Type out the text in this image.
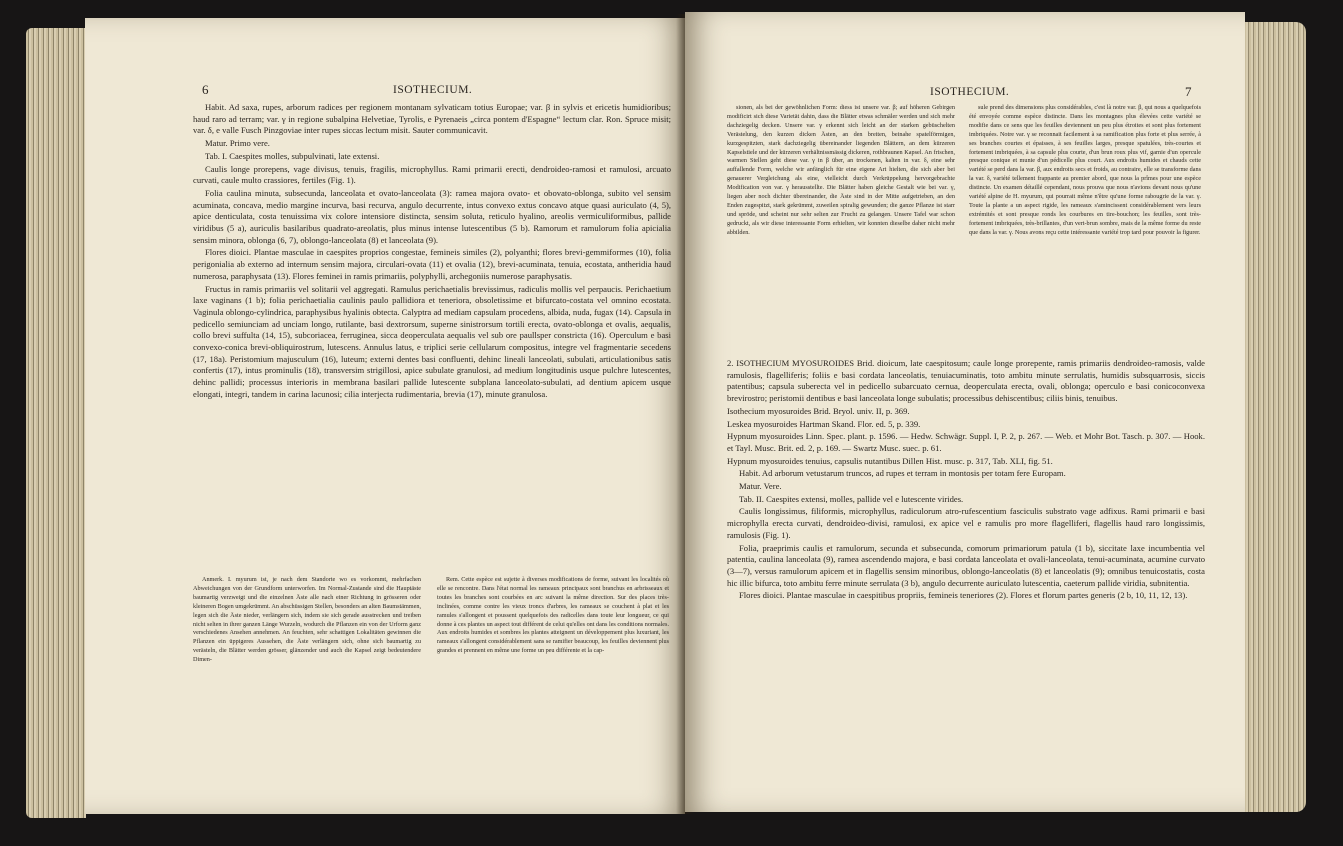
6	ISOTHECIUM.

Habit. Ad saxa, rupes, arborum radices per regionem montanam sylvaticam totius Europae; var. β in sylvis et ericetis humidioribus; haud raro ad terram; var. γ in regione subalpina Helvetiae, Tyrolis, e Pyrenaeis „circa pontem d'Espagne“ lectum clar. Ron. Spruce misit; var. δ, e valle Fusch Pinzgoviae inter rupes siccas lectum misit. Sauter communicavit.

Matur. Primo vere.

Tab. I. Caespites molles, subpulvinati, late extensi.

Caulis longe prorepens, vage divisus, tenuis, fragilis, microphyllus. Rami primarii erecti, dendroideo-ramosi et ramulosi, arcuato curvati, caule multo crassiores, fertiles (Fig. 1).

Folia caulina minuta, subsecunda, lanceolata et ovato-lanceolata (3): ramea majora ovato- et obovato-oblonga, subito vel sensim acuminata, concava, medio margine incurva, basi recurva, angulo decurrente, intus convexo extus concavo atque quasi auriculato (4, 5), apice denticulata, costa tenuissima vix colore intensiore distincta, sensim soluta, reticulo hyalino, areolis vermiculiformibus, pallide viridibus (5 a), auriculis basilaribus quadrato-areolatis, plus minus intense lutescentibus (5 b). Ramorum et ramulorum folia apicialia sensim minora, oblonga (6, 7), oblongo-lanceolata (8) et lanceolata (9).

Flores dioici. Plantae masculae in caespites proprios congestae, femineis similes (2), polyanthi; flores brevi-gemmiformes (10), folia perigonialia ab externo ad internum sensim majora, circulari-ovata (11) et ovalia (12), brevi-acuminata, tenuia, ecostata, antheridia haud numerosa, paraphysata (13). Flores feminei in ramis primariis, polyphylli, archegoniis numerose paraphysatis.

Fructus in ramis primariis vel solitarii vel aggregati. Ramulus perichaetialis brevissimus, radiculis mollis vel perpaucis. Perichaetium laxe vaginans (1 b); folia perichaetialia caulinis paulo pallidiora et teneriora, obsoletissime et bifurcato-costata vel omnino ecostata. Vaginula oblongo-cylindrica, paraphysibus hyalinis obtecta. Calyptra ad mediam capsulam procedens, albida, nuda, fugax (14). Capsula in pedicello semiunciam ad unciam longo, rutilante, basi dextrorsum, superne sinistrorsum tortili erecta, ovato-oblonga et ovalis, aequalis, collo brevi suffulta (14, 15), subcoriacea, ferruginea, sicca deoperculata aequalis vel sub ore paullsper constricta (16). Operculum e basi convexo-conica brevi-obliquirostrum, lutescens. Annulus latus, e triplici serie cellularum compositus, integre vel fragmentarie secedens (17, 18a). Peristomium majusculum (16), luteum; externi dentes basi confluenti, dehinc lineali lanceolati, subulati, articulationibus satis confertis (17), intus prominulis (18), transversim strigillosi, apice subulate granulosi, ad medium longitudinis usque pulchre lutescentes, dehinc pallidi; processus interioris in membrana basilari pallide lutescente subplana lanceolato-subulati, ad dentium apicem usque elongati, integri, tandem in carina lacunosi; cilia interjecta rudimentaria, brevia (17), minute granulosa.

Anmerk. I. myurum ist, je nach dem Standorte wo es vorkommt, mehrfachen Abweichungen von der Grundform unterworfen. Im Normal-Zustande sind die Hauptäste baumartig verzweigt und die einzelnen Äste alle nach einer Richtung in grösseren oder kleineren Bogen umgekrümmt. An abschüssigen Stellen, besonders an alten Baumstämmen, legen sich die Äste nieder, verlängern sich, indem sie sich gerade ausstrecken und treiben nicht selten in ihrer ganzen Länge Wurzeln, wodurch die Pflanzen ein von der Urform ganz verschiedenes Ansehen annehmen. An feuchten, sehr schattigen Lokalitäten gewinnen die Pflanzen ein üppigeres Aussehen, die Äste verlängern sich, ohne sich baumartig zu verästeln, die Blätter werden grösser, glänzender und auch die Kapsel zeigt bedeutendere Dimen-

Rem. Cette espèce est sujette à diverses modifications de forme, suivant les localités où elle se rencontre. Dans l'état normal les rameaux principaux sont branchus en arbrisseaux et toutes les branches sont courbées en arc suivant la même direction. Sur des places très-inclinées, comme contre les vieux troncs d'arbres, les rameaux se couchent à plat et les ramules s'allongent et poussent quelquefois des radicelles dans toute leur longueur, ce qui donne à ces plantes un aspect tout différent de celui qu'elles ont dans les conditions normales. Aux endroits humides et sombres les plantes atteignent un développement plus luxuriant, les rameaux s'allongent considérablement sans se ramifier beaucoup, les feuilles deviennent plus grandes et prennent en même une forme un peu différente et la cap-

ISOTHECIUM.	7

sionen, als bei der gewöhnlichen Form: diess ist unsere var. β; auf höheren Gebirgen modificirt sich diese Varietät dahin, dass die Blätter etwas schmäler werden und sich mehr dachziegelig decken. Unsere var. γ erkennt sich leicht an der starken gebüschelten Verästelung, den kurzen dicken Ästen, an den breiten, beinahe spatelförmigen, kurzgespitzten, stark dachziegelig übereinander liegenden Blättern, an dem kürzeren Kapselstiele und der kürzeren verhältnissmässig dickeren, rothbraunen Kapsel. An frischen, warmen Stellen geht diese var. γ in β über, an trockenen, kalten in var. δ, eine sehr auffallende Form, welche wir anfänglich für eine eigene Art hielten, die sich aber bei genauerer Vergleichung als eine, vielleicht durch Verkrüppelung hervorgebrachte Modification von var. γ herausstellte. Die Blätter haben gleiche Gestalt wie bei var. γ, liegen aber noch dichter übereinander, die Äste sind in der Mitte aufgetrieben, an den Enden zugespitzt, stark gekrümmt, zuweilen spiralig gewunden; die ganze Pflanze ist starr und spröde, und scheint nur sehr selten zur Frucht zu gelangen. Unsere Tafel war schon gedruckt, als wir diese interessante Form erhielten, wir konnten dieselbe daher nicht mehr abbilden.

sule prend des dimensions plus considérables, c'est là notre var. β, qui nous a quelquefois été envoyée comme espèce distincte. Dans les montagnes plus élevées cette variété se modifie dans ce sens que les feuilles deviennent un peu plus étroites et sont plus fortement imbriquées. Notre var. γ se reconnait facilement à sa ramification plus forte et plus serrée, à ses branches courtes et épaisses, à ses feuilles larges, presque spatulées, très-courtes et fortement imbriquées, à sa capsule plus courte, d'un brun roux plus vif, garnie d'un opercule presque conique et munie d'un pédicelle plus court. Aux endroits humides et chauds cette variété se perd dans la var. β, aux endroits secs et froids, au contraire, elle se transforme dans la var. δ, variété tellement frappante au premier abord, que nous la prîmes pour une espèce distincte. Un examen détaillé cependant, nous prouva que nous n'avions devant nous qu'une variété alpine de H. myurum, qui pourrait même n'être qu'une forme rabougrie de la var. γ. Toute la plante a un aspect rigide, les rameaux s'amincissent considérablement vers leurs extrémités et sont presque ronds les courbures en tire-bouchon; les feuilles, sont très-fortement imbriquées, très-brillantes, d'un vert-brun sombre, mais de la même forme du reste que dans la var. γ. Nous avons reçu cette intéressante variété trop tard pour pouvoir la figurer.

2. ISOTHECIUM MYOSUROIDES Brid. dioicum, late caespitosum; caule longe prorepente, ramis primariis dendroideo-ramosis, valde ramulosis, flagelliferis; foliis e basi cordata lanceolatis, tenuiacuminatis, toto ambitu minute serrulatis, humidis subsquarrosis, siccis patentibus; capsula suberecta vel in pedicello subarcuato cernua, deoperculata erecta, ovali, oblonga; operculo e basi conicoconvexa brevirostro; peristomii dentibus e basi lanceolata longe subulatis; processibus dehiscentibus; ciliis binis, tenuibus.

Isothecium myosuroides Brid. Bryol. univ. II, p. 369.

Leskea myosuroides Hartman Skand. Flor. ed. 5, p. 339.

Hypnum myosuroides Linn. Spec. plant. p. 1596. — Hedw. Schwägr. Suppl. I, P. 2, p. 267. — Web. et Mohr Bot. Tasch. p. 307. — Hook. et Tayl. Musc. Brit. ed. 2, p. 169. — Swartz Musc. suec. p. 61.

Hypnum myosuroides tenuius, capsulis nutantibus Dillen Hist. musc. p. 317, Tab. XLI, fig. 51.

Habit. Ad arborum vetustarum truncos, ad rupes et terram in montosis per totam fere Europam.

Matur. Vere.

Tab. II. Caespites extensi, molles, pallide vel e lutescente virides.

Caulis longissimus, filiformis, microphyllus, radiculorum atro-rufescentium fasciculis substrato vage adfixus. Rami primarii e basi microphylla erecta curvati, dendroideo-divisi, ramulosi, ex apice vel e ramulis pro more flagelliferi, flagellis haud raro longissimis, ramulosis (Fig. 1).

Folia, praeprimis caulis et ramulorum, secunda et subsecunda, comorum primariorum patula (1 b), siccitate laxe incumbentia vel patentia, caulina lanceolata (9), ramea ascendendo majora, e basi cordata lanceolata et ovali-lanceolata, tenui-acuminata, acumine curvato (3—7), versus ramulorum apicem et in flagellis sensim minoribus, oblongo-lanceolatis (8) et lanceolatis (9); omnibus tenuicostatis, costa hic illic bifurca, toto ambitu ferre minute serrulata (3 b), angulo decurrente auriculato lutescentia, caeterum pallide viridia, subnitentia.

Flores dioici. Plantae masculae in caespitibus propriis, femineis teneriores (2). Flores et florum partes generis (2 b, 10, 11, 12, 13).
